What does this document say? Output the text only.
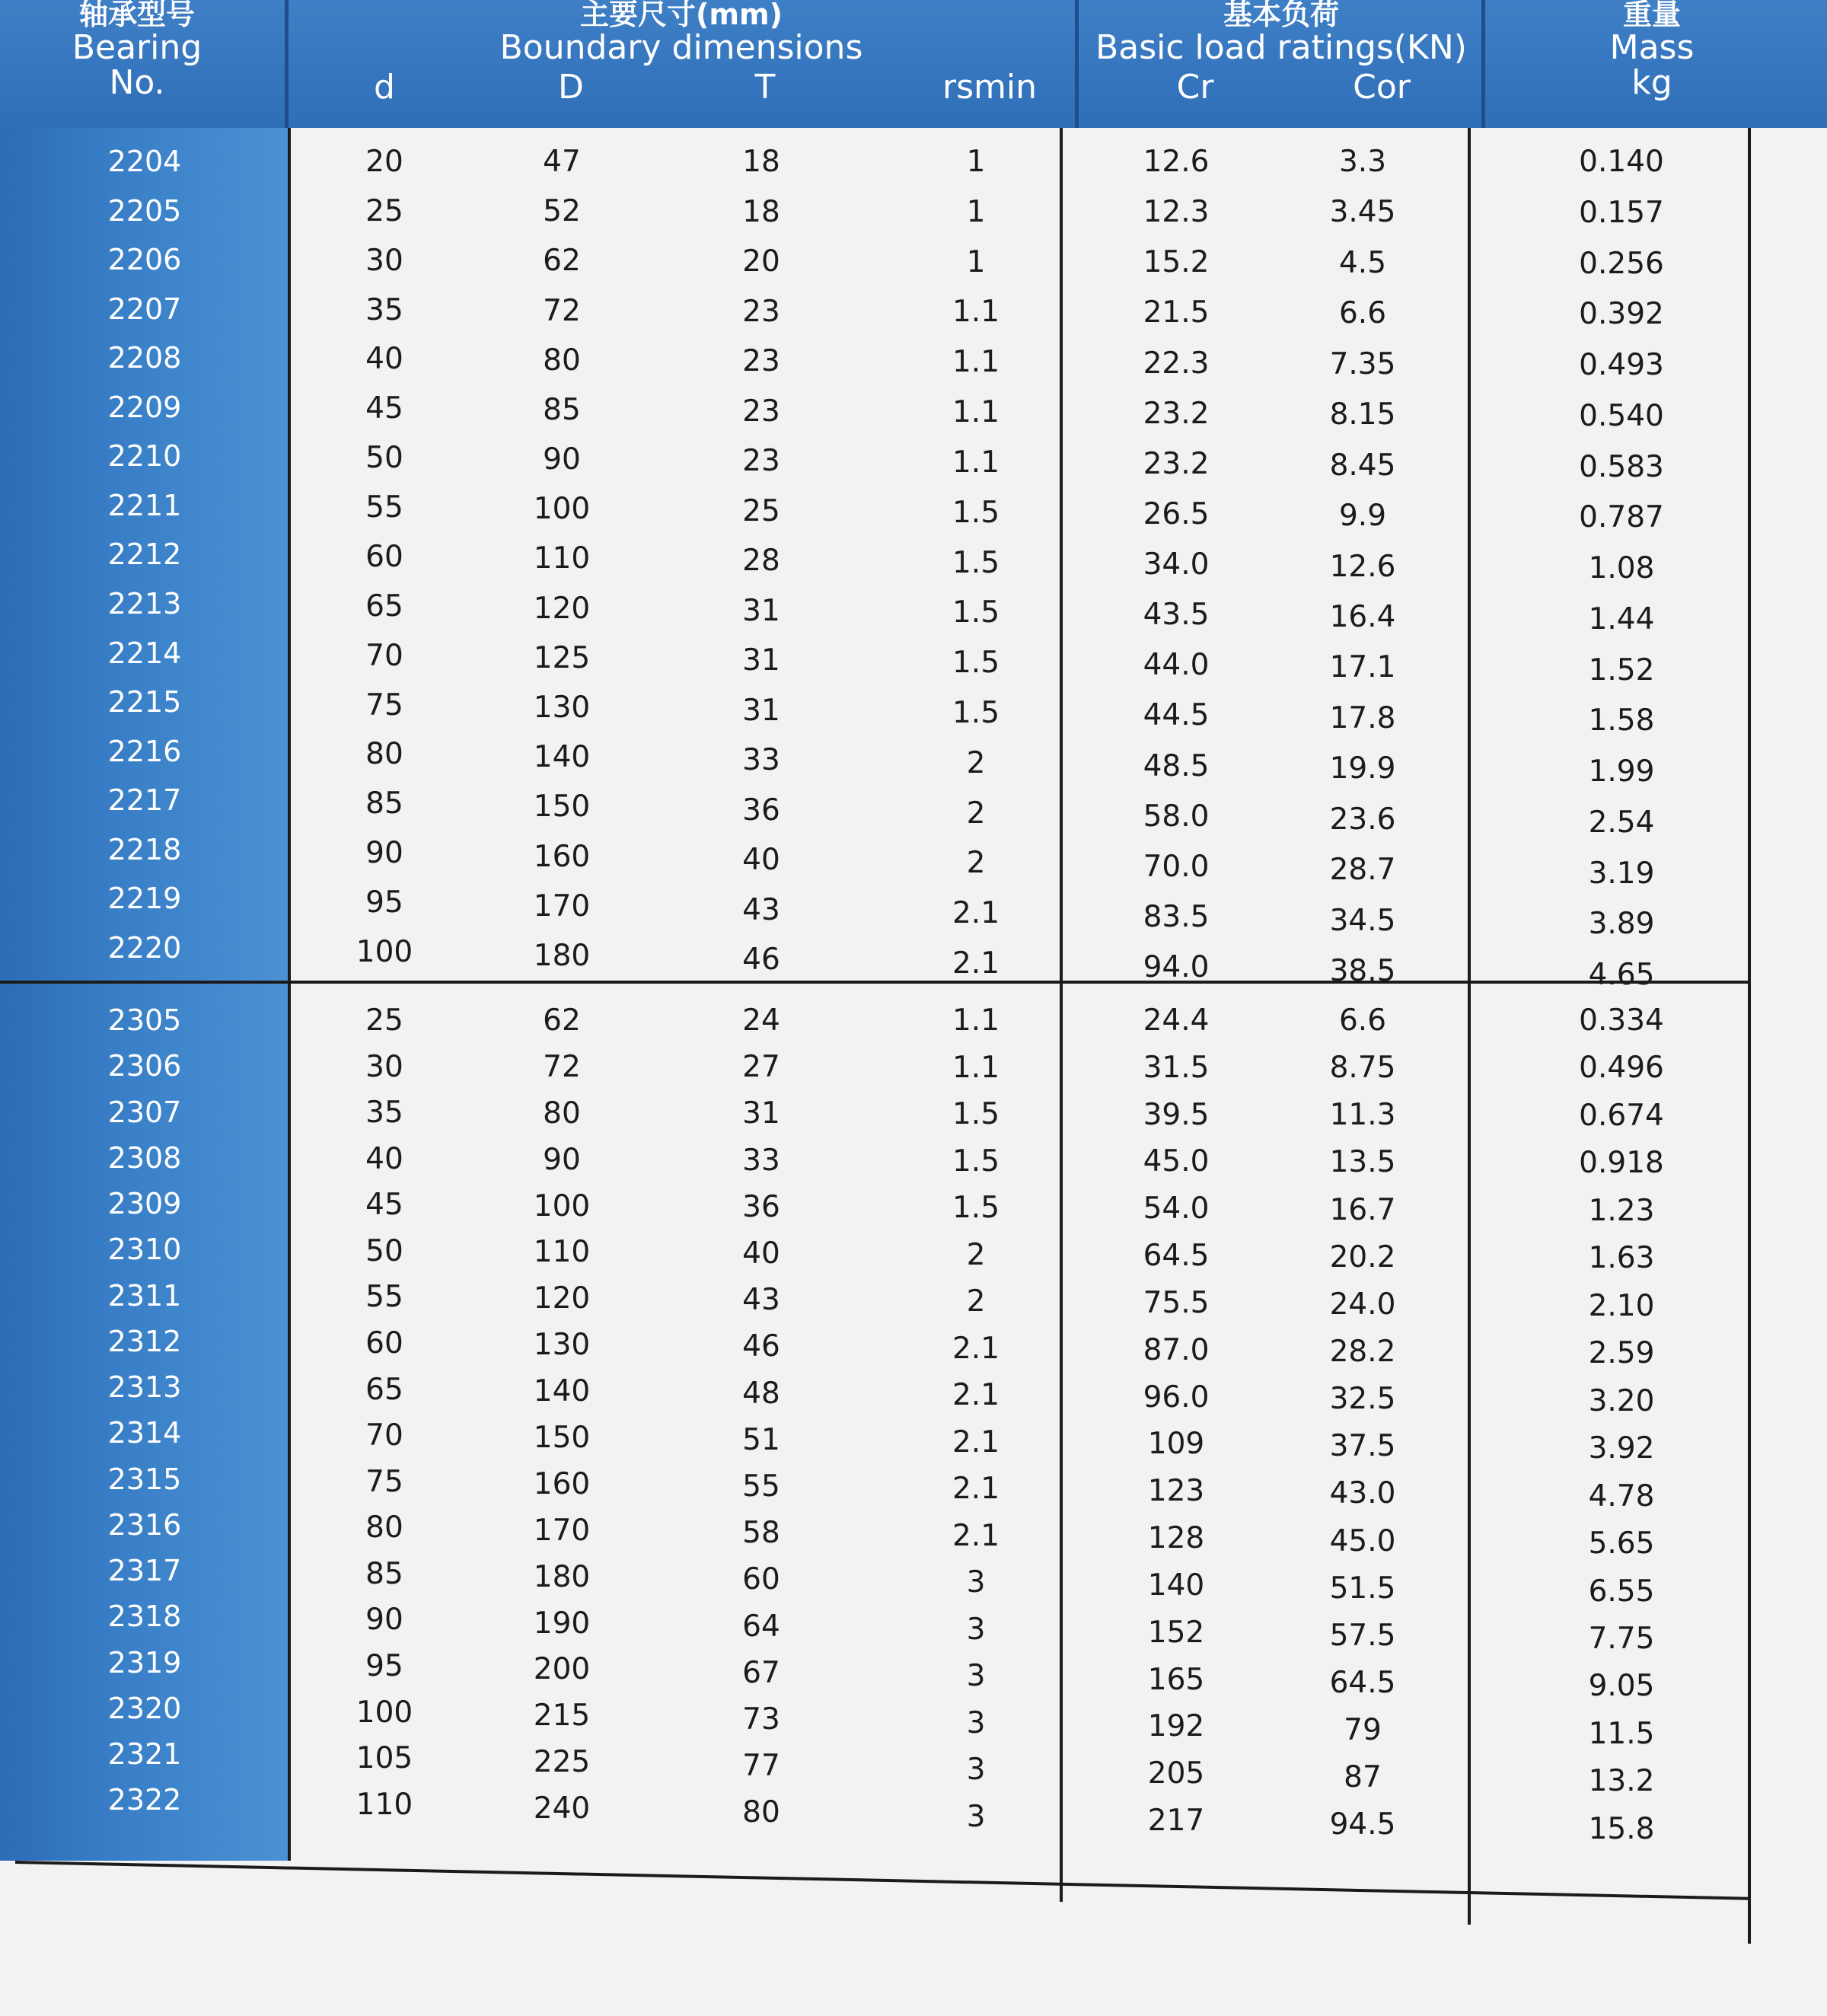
轴承型号
Bearing
No.
主要尺寸(mm)
Boundary dimensions
d	D	T	rsmin
基本负荷
Basic load ratings(KN)
Cr	Cor
重量
Mass
kg
2204	20	47	18	1	12.6	3.3	0.140
2205	25	52	18	1	12.3	3.45	0.157
2206	30	62	20	1	15.2	4.5	0.256
2207	35	72	23	1.1	21.5	6.6	0.392
2208	40	80	23	1.1	22.3	7.35	0.493
2209	45	85	23	1.1	23.2	8.15	0.540
2210	50	90	23	1.1	23.2	8.45	0.583
2211	55	100	25	1.5	26.5	9.9	0.787
2212	60	110	28	1.5	34.0	12.6	1.08
2213	65	120	31	1.5	43.5	16.4	1.44
2214	70	125	31	1.5	44.0	17.1	1.52
2215	75	130	31	1.5	44.5	17.8	1.58
2216	80	140	33	2	48.5	19.9	1.99
2217	85	150	36	2	58.0	23.6	2.54
2218	90	160	40	2	70.0	28.7	3.19
2219	95	170	43	2.1	83.5	34.5	3.89
2220	100	180	46	2.1	94.0	38.5	4.65
2305	25	62	24	1.1	24.4	6.6	0.334
2306	30	72	27	1.1	31.5	8.75	0.496
2307	35	80	31	1.5	39.5	11.3	0.674
2308	40	90	33	1.5	45.0	13.5	0.918
2309	45	100	36	1.5	54.0	16.7	1.23
2310	50	110	40	2	64.5	20.2	1.63
2311	55	120	43	2	75.5	24.0	2.10
2312	60	130	46	2.1	87.0	28.2	2.59
2313	65	140	48	2.1	96.0	32.5	3.20
2314	70	150	51	2.1	109	37.5	3.92
2315	75	160	55	2.1	123	43.0	4.78
2316	80	170	58	2.1	128	45.0	5.65
2317	85	180	60	3	140	51.5	6.55
2318	90	190	64	3	152	57.5	7.75
2319	95	200	67	3	165	64.5	9.05
2320	100	215	73	3	192	79	11.5
2321	105	225	77	3	205	87	13.2
2322	110	240	80	3	217	94.5	15.8
